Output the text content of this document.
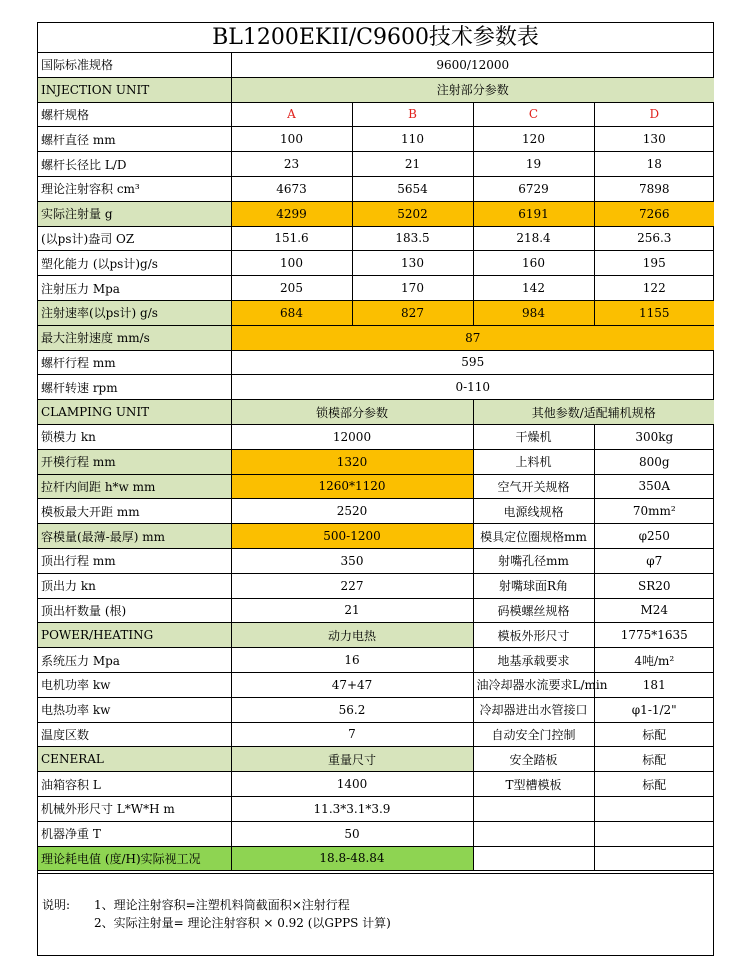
BL1200EKII/C9600技术参数表
国际标准规格	9600/12000			
INJECTION UNIT	注射部分参数			
螺杆规格	A	B	C	D
螺杆直径 mm	100	110	120	130
螺杆长径比 L/D	23	21	19	18
理论注射容积 cm³	4673	5654	6729	7898
实际注射量 g	4299	5202	6191	7266
(以ps计)盎司 OZ	151.6	183.5	218.4	256.3
塑化能力 (以ps计)g/s	100	130	160	195
注射压力 Mpa	205	170	142	122
注射速率(以ps计) g/s	684	827	984	1155
最大注射速度 mm/s	87			
螺杆行程 mm	595			
螺杆转速 rpm	0-110			
CLAMPING UNIT	锁模部分参数		其他参数/适配辅机规格	
锁模力 kn	12000		干燥机	300kg
开模行程 mm	1320		上料机	800g
拉杆内间距 h*w mm	1260*1120		空气开关规格	350A
模板最大开距 mm	2520		电源线规格	70mm²
容模量(最薄-最厚) mm	500-1200		模具定位圈规格mm	φ250
顶出行程 mm	350		射嘴孔径mm	φ7
顶出力 kn	227		射嘴球面R角	SR20
顶出杆数量 (根)	21		码模螺丝规格	M24
POWER/HEATING	动力电热		模板外形尺寸	1775*1635
系统压力 Mpa	16		地基承载要求	4吨/m²
电机功率 kw	47+47		油冷却器水流要求L/min	181
电热功率 kw	56.2		冷却器进出水管接口	φ1-1/2"
温度区数	7		自动安全门控制	标配
CENERAL	重量尺寸		安全踏板	标配
油箱容积 L	1400		T型槽模板	标配
机械外形尺寸 L*W*H m	11.3*3.1*3.9			
机器净重 T	50			
理论耗电值 (度/H)实际视工况	18.8-48.84			
说明: 1、理论注射容积=注塑机料筒截面积×注射行程
2、实际注射量= 理论注射容积 × 0.92 (以GPPS 计算)
